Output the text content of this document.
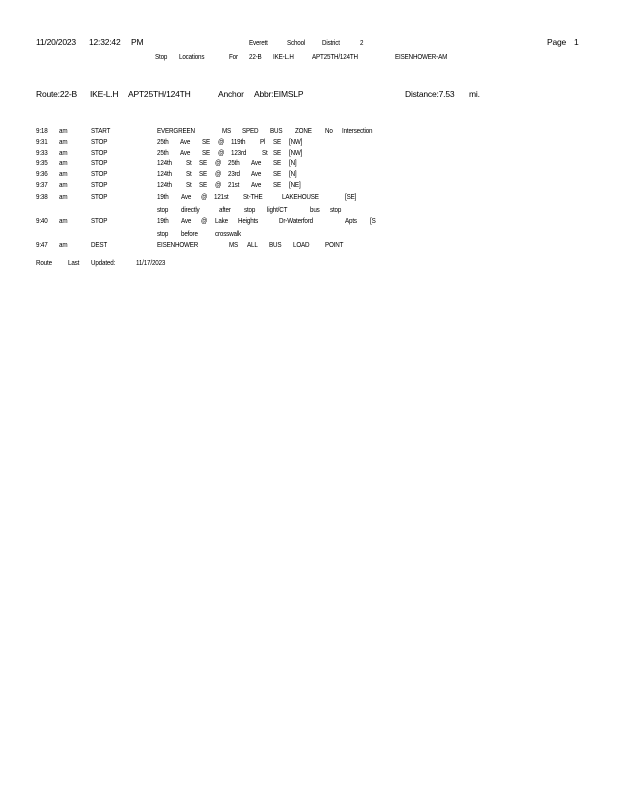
11/20/2023 12:32:42 PM	Everett	School District	2	Page 1
Stop Locations	For 22-B IKE-L.H APT25TH/124TH	EISENHOWER-AM
Route:22-B IKE-L.H APT25TH/124TH	Anchor Abbr:EIMSLP	Distance:7.53 mi.
9:18 am	START	EVERGREEN	MS SPED BUS ZONE No Intersection
9:31 am	STOP	25th Ave SE @ 119th Pl SE [NW]
9:33 am	STOP	25th Ave SE @ 123rd St SE [NW]
9:35 am	STOP	124th St SE @ 25th Ave SE [N]
9:36 am	STOP	124th St SE @ 23rd Ave SE [N]
9:37 am	STOP	124th St SE @ 21st Ave SE [NE]
9:38 am	STOP	19th Ave @ 121st St-THE	LAKEHOUSE	[SE]
stop directly	after stop light/CT	bus stop
9:40 am	STOP	19th Ave @ Lake Heights	Dr-Waterford	Apts [S
stop before crosswalk
9:47 am	DEST	EISENHOWER	MS ALL BUS LOAD POINT
Route Last Updated:	11/17/2023
